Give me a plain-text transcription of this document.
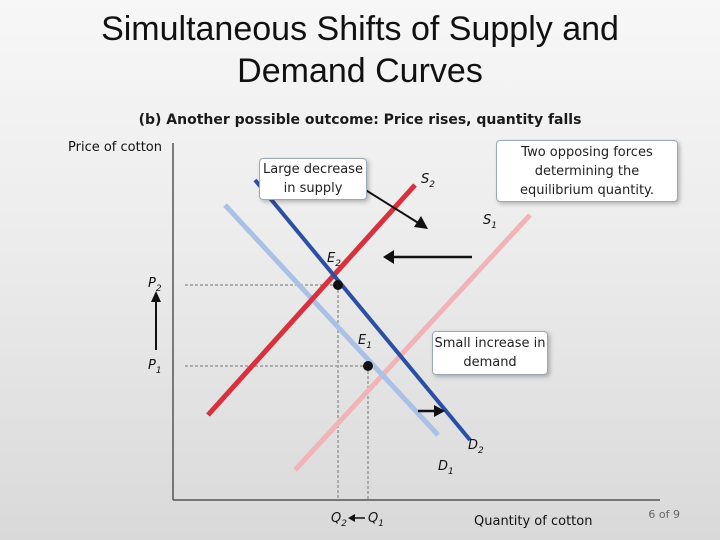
Simultaneous Shifts of Supply and
Demand Curves
(b) Another possible outcome: Price rises, quantity falls
Price of cotton
Quantity of cotton
$S_2$
$S_1$
$D_1$
$D_2$
$E_2$
$E_1$
$P_2$
$P_1$
$Q_2$ $Q_1$
Large decrease in supply
Two opposing forces determining the equilibrium quantity.
Small increase in demand
6 of 9
